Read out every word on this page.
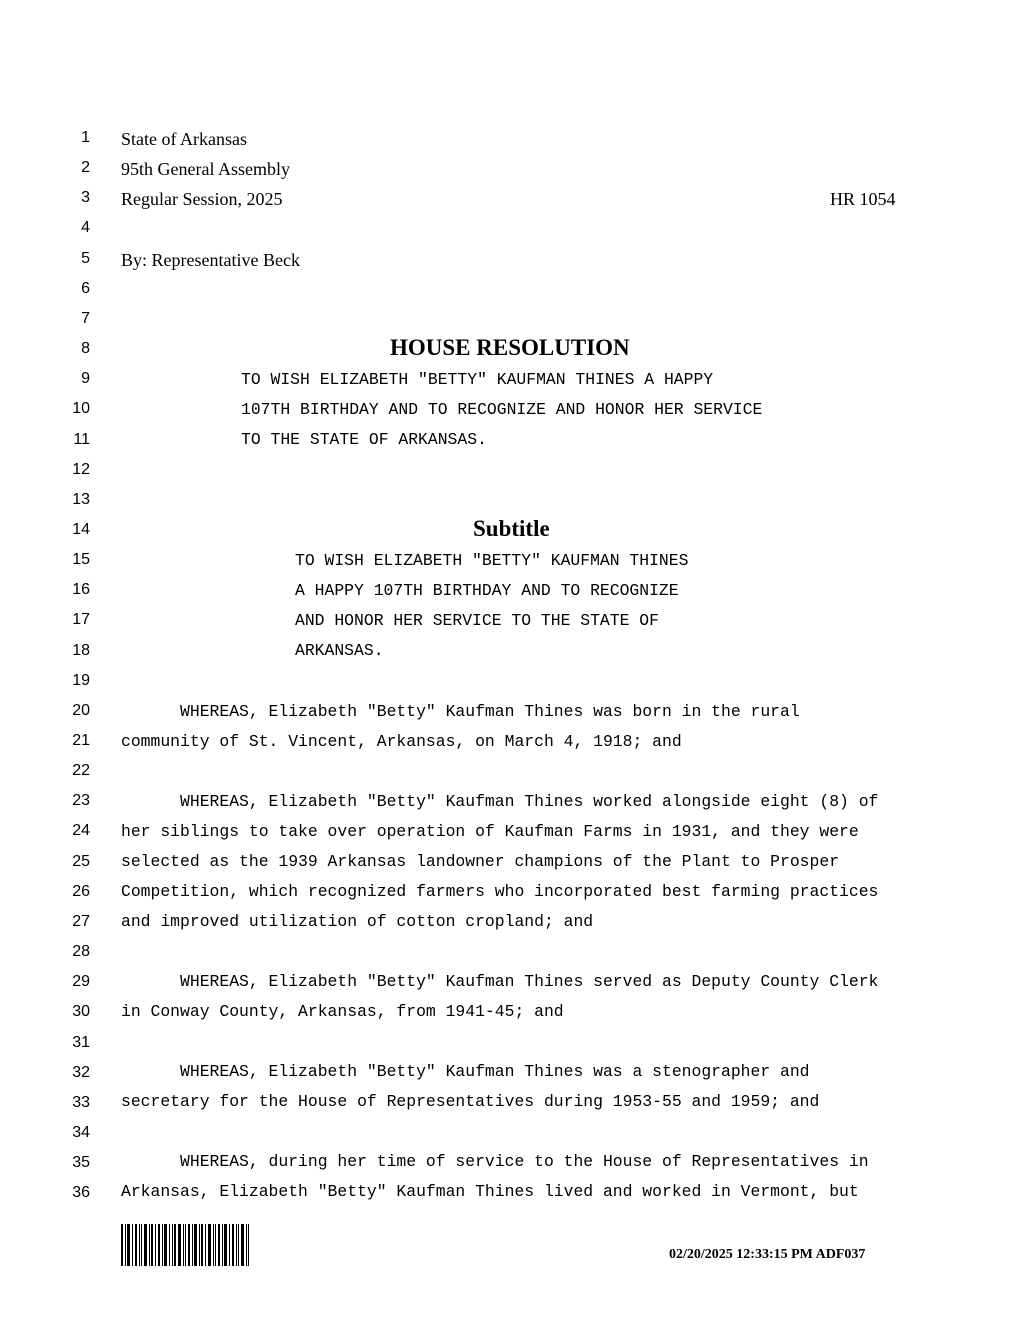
1
2
3
4
5
6
7
8
9
10
11
12
13
14
15
16
17
18
19
20
21
22
23
24
25
26
27
28
29
30
31
32
33
34
35
36
State of Arkansas
95th General Assembly
Regular Session, 2025	HR 1054
By: Representative Beck
HOUSE RESOLUTION
TO WISH ELIZABETH "BETTY" KAUFMAN THINES A HAPPY
107TH BIRTHDAY AND TO RECOGNIZE AND HONOR HER SERVICE
TO THE STATE OF ARKANSAS.
Subtitle
TO WISH ELIZABETH "BETTY" KAUFMAN THINES
A HAPPY 107TH BIRTHDAY AND TO RECOGNIZE
AND HONOR HER SERVICE TO THE STATE OF
ARKANSAS.
WHEREAS, Elizabeth "Betty" Kaufman Thines was born in the rural
community of St. Vincent, Arkansas, on March 4, 1918; and
WHEREAS, Elizabeth "Betty" Kaufman Thines worked alongside eight (8) of
her siblings to take over operation of Kaufman Farms in 1931, and they were
selected as the 1939 Arkansas landowner champions of the Plant to Prosper
Competition, which recognized farmers who incorporated best farming practices
and improved utilization of cotton cropland; and
WHEREAS, Elizabeth "Betty" Kaufman Thines served as Deputy County Clerk
in Conway County, Arkansas, from 1941-45; and
WHEREAS, Elizabeth "Betty" Kaufman Thines was a stenographer and
secretary for the House of Representatives during 1953-55 and 1959; and
WHEREAS, during her time of service to the House of Representatives in
Arkansas, Elizabeth "Betty" Kaufman Thines lived and worked in Vermont, but
02/20/2025 12:33:15 PM ADF037
